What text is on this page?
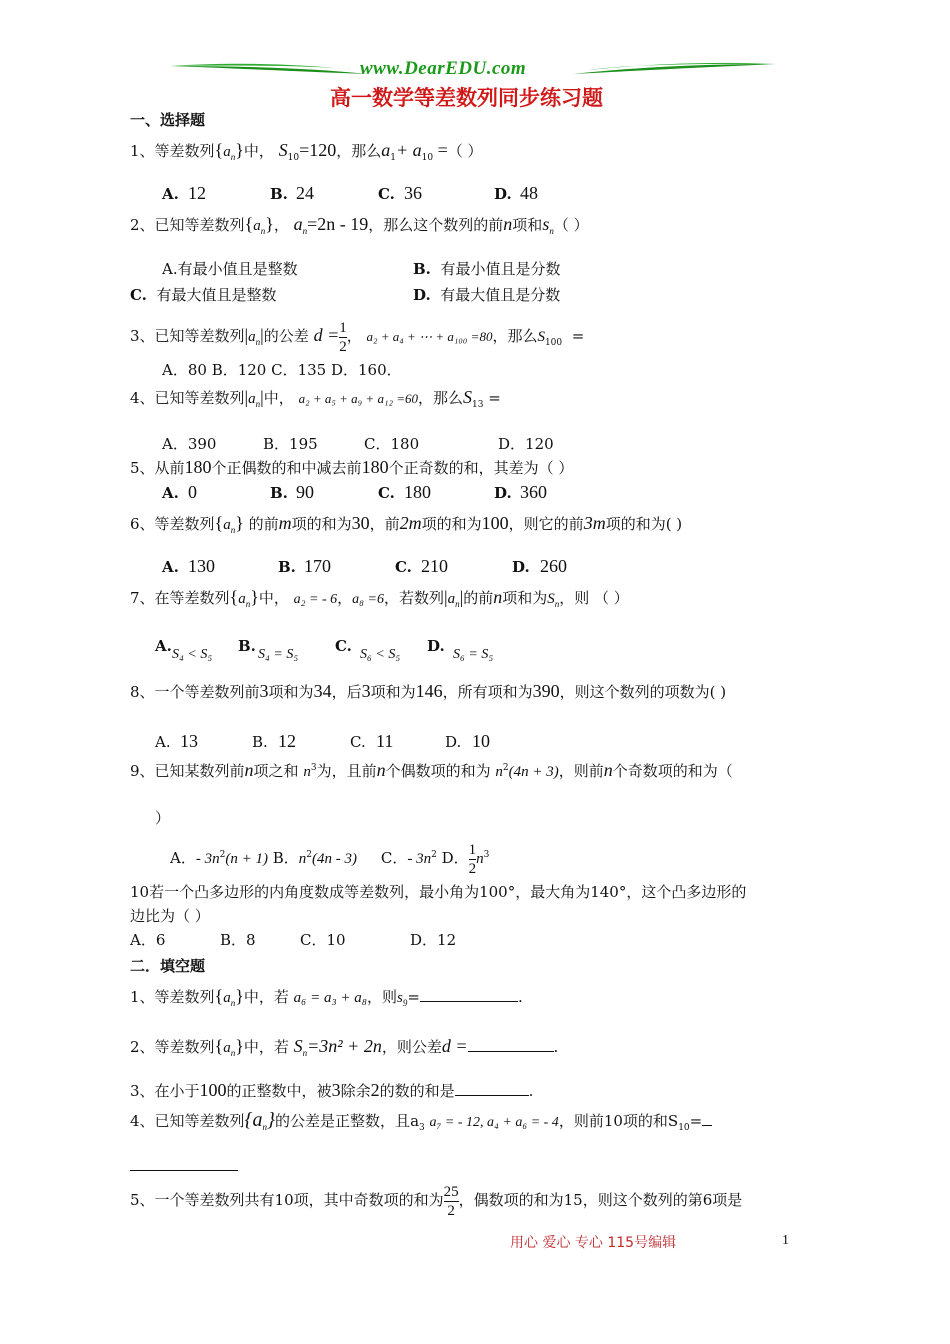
www.DearEDU.com
高一数学等差数列同步练习题
一、选择题
1、等差数列$\{a_n\}$中， $S_{10}=120$，那么$a_1+ a_{10}$ =（ ）
A. 12	B. 24	C. 36	D. 48
2、已知等差数列$\{a_n\}$， $a_n=2n - 19$，那么这个数列的前n项和$s_n$（ ）
A.有最小值且是整数	B. 有最小值且是分数
C. 有最大值且是整数	D. 有最大值且是分数
3、已知等差数列$|a_n|$的公差 $d = \frac{1}{2}$ ， a₂ + a₄ + ⋯ + a₁₀₀ =80，那么$S_{100}$ =
A．80 B．120 C．135 D．160．
4、已知等差数列$|a_n|$中， a₂ + a₅ + a₉ + a₁₂ =60，那么$S_{13}$ =
A．390	B．195	C．180	D．120
5、从前180个正偶数的和中减去前180个正奇数的和，其差为（ ）
A. 0	B. 90	C. 180	D. 360
6、等差数列$\{a_n\}$ 的前m项的和为30，前2m项的和为100，则它的前3m项的和为( )
A. 130	B. 170	C. 210	D. 260
7、在等差数列$\{a_n\}$中， a₂ = - 6，a₈ =6，若数列$|a_n|$的前n项和为$S_n$，则 （ ）
A. S₄ < S₅ B. S₄ = S₅ C. S₆ < S₅ D. S₆ = S₅
8、一个等差数列前3项和为34，后3项和为146，所有项和为390，则这个数列的项数为( )
A. 13	B. 12	C. 11	D. 10
9、已知某数列前n项之和 $n^3$为，且前n个偶数项的和为 $n^2(4n + 3)$，则前n个奇数项的和为（
）
A．- $3n^2(n + 1)$ B．$n^2(4n - 3)$ C．- $3n^2$ D． $\frac{1}{2} n^3$
10若一个凸多边形的内角度数成等差数列，最小角为100°，最大角为140°，这个凸多边形的
边比为（ ）
A．6	B．8	C．10	D．12
二．填空题
1、等差数列$\{a_n\}$中，若 a₆ = a₃ + a₈，则$s_9=$	.
2、等差数列$\{a_n\}$中，若 $S_n=3n^2 + 2n$，则公差d =	.
3、在小于100的正整数中，被3除余2的数的和是	.
4、已知等差数列$\{a_n\}$的公差是正整数，且$a_3$ a₇ = - 12, a₄ + a₆ = - 4，则前10项的和$S_{10}=$
5、一个等差数列共有10项，其中奇数项的和为 $\frac{25}{2}$ ，偶数项的和为15，则这个数列的第6项是
用心 爱心 专心 115号编辑	1
